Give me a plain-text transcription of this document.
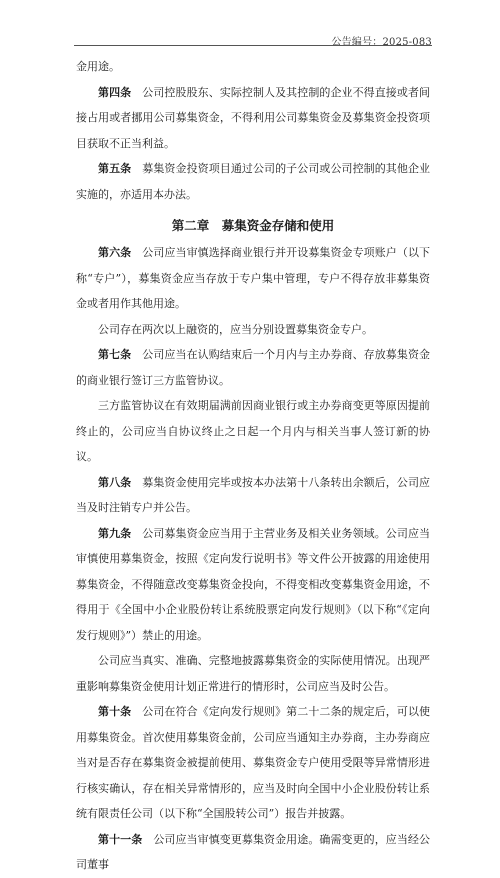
公告编号：2025-083

金用途。

第四条　公司控股股东、实际控制人及其控制的企业不得直接或者间接占用或者挪用公司募集资金，不得利用公司募集资金及募集资金投资项目获取不正当利益。

第五条　募集资金投资项目通过公司的子公司或公司控制的其他企业实施的，亦适用本办法。

第二章　募集资金存储和使用

第六条　公司应当审慎选择商业银行并开设募集资金专项账户（以下称“专户”），募集资金应当存放于专户集中管理，专户不得存放非募集资金或者用作其他用途。

公司存在两次以上融资的，应当分别设置募集资金专户。

第七条　公司应当在认购结束后一个月内与主办券商、存放募集资金的商业银行签订三方监管协议。

三方监管协议在有效期届满前因商业银行或主办券商变更等原因提前终止的，公司应当自协议终止之日起一个月内与相关当事人签订新的协议。

第八条　募集资金使用完毕或按本办法第十八条转出余额后，公司应当及时注销专户并公告。

第九条　公司募集资金应当用于主营业务及相关业务领域。公司应当审慎使用募集资金，按照《定向发行说明书》等文件公开披露的用途使用募集资金，不得随意改变募集资金投向，不得变相改变募集资金用途，不得用于《全国中小企业股份转让系统股票定向发行规则》（以下称“《定向发行规则》”）禁止的用途。

公司应当真实、准确、完整地披露募集资金的实际使用情况。出现严重影响募集资金使用计划正常进行的情形时，公司应当及时公告。

第十条　公司在符合《定向发行规则》第二十二条的规定后，可以使用募集资金。首次使用募集资金前，公司应当通知主办券商，主办券商应当对是否存在募集资金被提前使用、募集资金专户使用受限等异常情形进行核实确认，存在相关异常情形的，应当及时向全国中小企业股份转让系统有限责任公司（以下称“全国股转公司”）报告并披露。

第十一条　公司应当审慎变更募集资金用途。确需变更的，应当经公司董事
